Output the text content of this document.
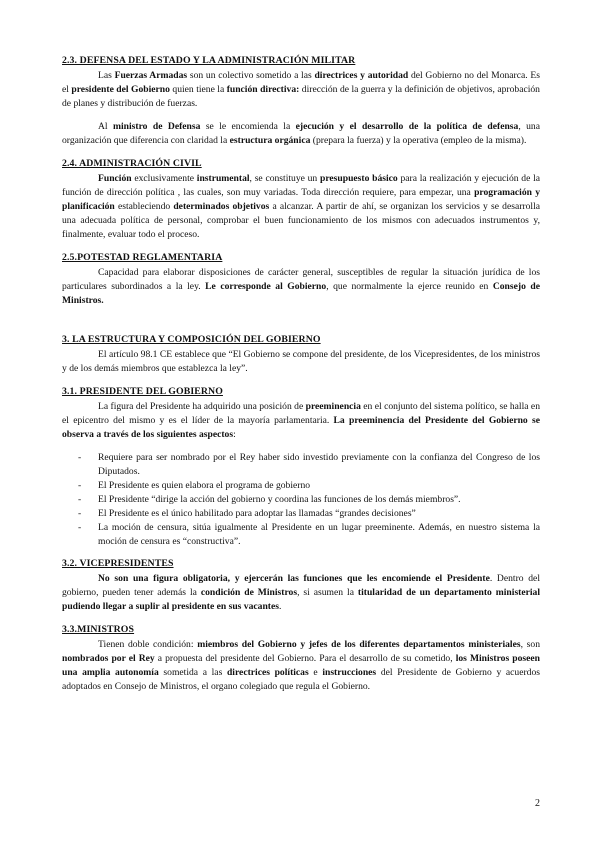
2.3. DEFENSA DEL ESTADO Y LA ADMINISTRACIÓN MILITAR

Las Fuerzas Armadas son un colectivo sometido a las directrices y autoridad del Gobierno no del Monarca. Es el presidente del Gobierno quien tiene la función directiva: dirección de la guerra y la definición de objetivos, aprobación de planes y distribución de fuerzas.

Al ministro de Defensa se le encomienda la ejecución y el desarrollo de la política de defensa, una organización que diferencia con claridad la estructura orgánica (prepara la fuerza) y la operativa (empleo de la misma).

2.4. ADMINISTRACIÓN CIVIL

Función exclusivamente instrumental, se constituye un presupuesto básico para la realización y ejecución de la función de dirección política , las cuales, son muy variadas. Toda dirección requiere, para empezar, una programación y planificación estableciendo determinados objetivos a alcanzar. A partir de ahí, se organizan los servicios y se desarrolla una adecuada política de personal, comprobar el buen funcionamiento de los mismos con adecuados instrumentos y, finalmente, evaluar todo el proceso.

2.5.POTESTAD REGLAMENTARIA

Capacidad para elaborar disposiciones de carácter general, susceptibles de regular la situación jurídica de los particulares subordinados a la ley. Le corresponde al Gobierno, que normalmente la ejerce reunido en Consejo de Ministros.

3. LA ESTRUCTURA Y COMPOSICIÓN DEL GOBIERNO

El artículo 98.1 CE establece que “El Gobierno se compone del presidente, de los Vicepresidentes, de los ministros y de los demás miembros que establezca la ley”.

3.1. PRESIDENTE DEL GOBIERNO

La figura del Presidente ha adquirido una posición de preeminencia en el conjunto del sistema político, se halla en el epicentro del mismo y es el líder de la mayoría parlamentaria. La preeminencia del Presidente del Gobierno se observa a través de los siguientes aspectos:

- Requiere para ser nombrado por el Rey haber sido investido previamente con la confianza del Congreso de los Diputados.
- El Presidente es quien elabora el programa de gobierno
- El Presidente “dirige la acción del gobierno y coordina las funciones de los demás miembros”.
- El Presidente es el único habilitado para adoptar las llamadas “grandes decisiones”
- La moción de censura, sitúa igualmente al Presidente en un lugar preeminente. Además, en nuestro sistema la moción de censura es “constructiva”.
3.2. VICEPRESIDENTES

No son una figura obligatoria, y ejercerán las funciones que les encomiende el Presidente. Dentro del gobierno, pueden tener además la condición de Ministros, si asumen la titularidad de un departamento ministerial pudiendo llegar a suplir al presidente en sus vacantes.

3.3.MINISTROS

Tienen doble condición: miembros del Gobierno y jefes de los diferentes departamentos ministeriales, son nombrados por el Rey a propuesta del presidente del Gobierno. Para el desarrollo de su cometido, los Ministros poseen una amplia autonomía sometida a las directrices políticas e instrucciones del Presidente de Gobierno y acuerdos adoptados en Consejo de Ministros, el organo colegiado que regula el Gobierno.

2
